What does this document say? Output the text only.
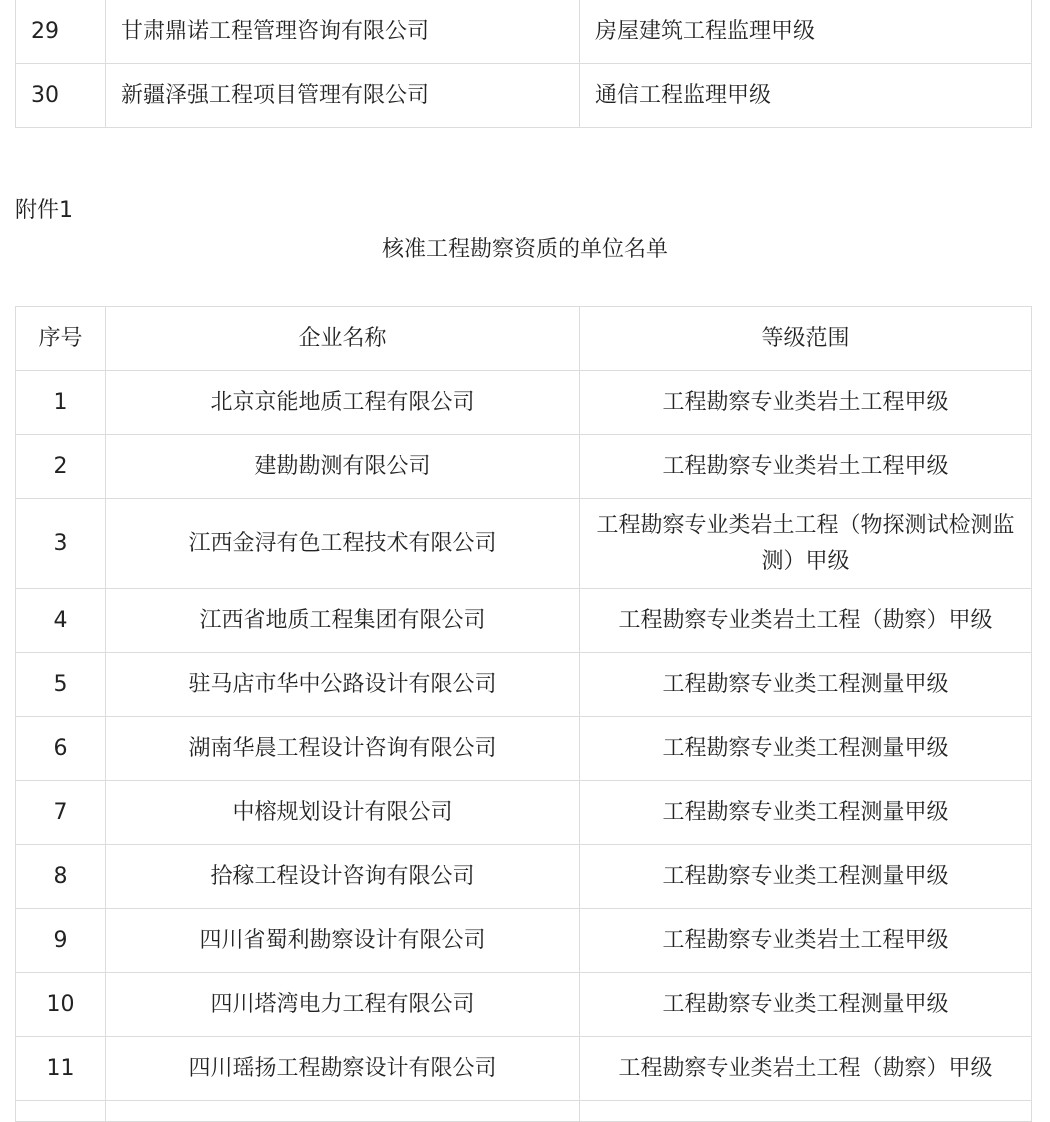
29	甘肃鼎诺工程管理咨询有限公司	房屋建筑工程监理甲级
30	新疆泽强工程项目管理有限公司	通信工程监理甲级
附件1
核准工程勘察资质的单位名单
序号	企业名称	等级范围
1	北京京能地质工程有限公司	工程勘察专业类岩土工程甲级
2	建勘勘测有限公司	工程勘察专业类岩土工程甲级
3	江西金浔有色工程技术有限公司	工程勘察专业类岩土工程（物探测试检测监测）甲级
4	江西省地质工程集团有限公司	工程勘察专业类岩土工程（勘察）甲级
5	驻马店市华中公路设计有限公司	工程勘察专业类工程测量甲级
6	湖南华晨工程设计咨询有限公司	工程勘察专业类工程测量甲级
7	中榕规划设计有限公司	工程勘察专业类工程测量甲级
8	拾稼工程设计咨询有限公司	工程勘察专业类工程测量甲级
9	四川省蜀利勘察设计有限公司	工程勘察专业类岩土工程甲级
10	四川塔湾电力工程有限公司	工程勘察专业类工程测量甲级
11	四川瑶扬工程勘察设计有限公司	工程勘察专业类岩土工程（勘察）甲级
